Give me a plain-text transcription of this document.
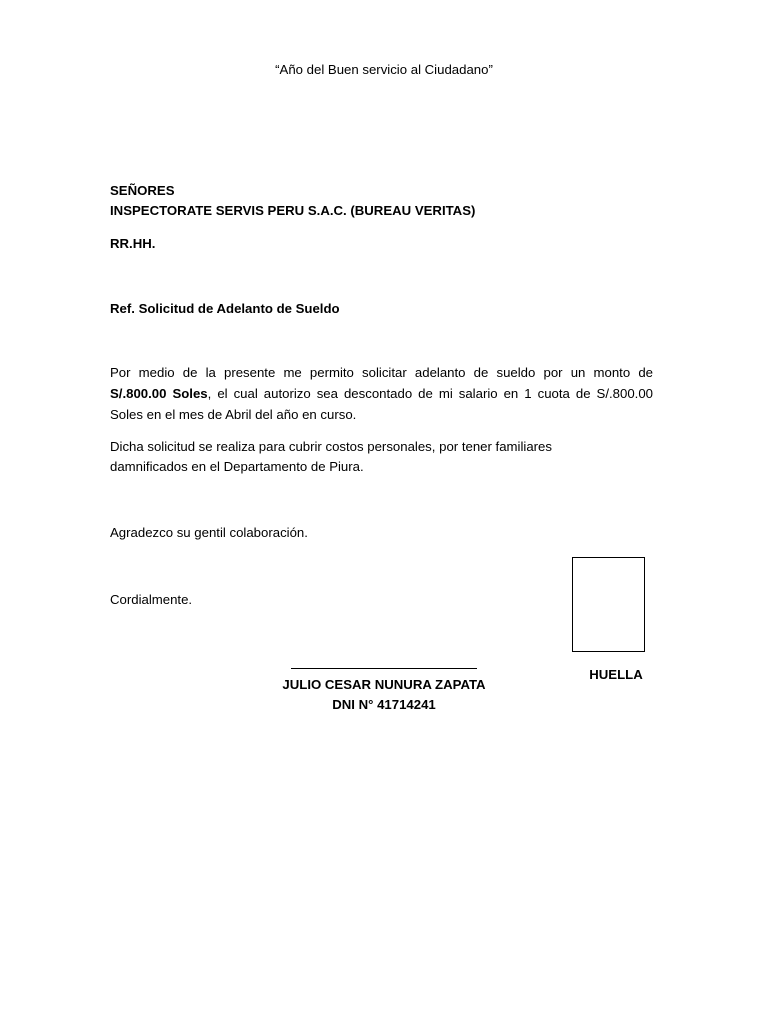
“Año del Buen servicio al Ciudadano”
SEÑORES
INSPECTORATE SERVIS PERU S.A.C. (BUREAU VERITAS)
RR.HH.
Ref. Solicitud de Adelanto de Sueldo
Por medio de la presente me permito solicitar adelanto de sueldo por un monto de
S/.800.00 Soles, el cual autorizo sea descontado de mi salario en 1 cuota de S/.800.00
Soles en el mes de Abril del año en curso.
Dicha solicitud se realiza para cubrir costos personales, por tener familiares
damnificados en el Departamento de Piura.
Agradezco su gentil colaboración.
Cordialmente.
JULIO CESAR NUNURA ZAPATA
DNI N° 41714241
HUELLA
